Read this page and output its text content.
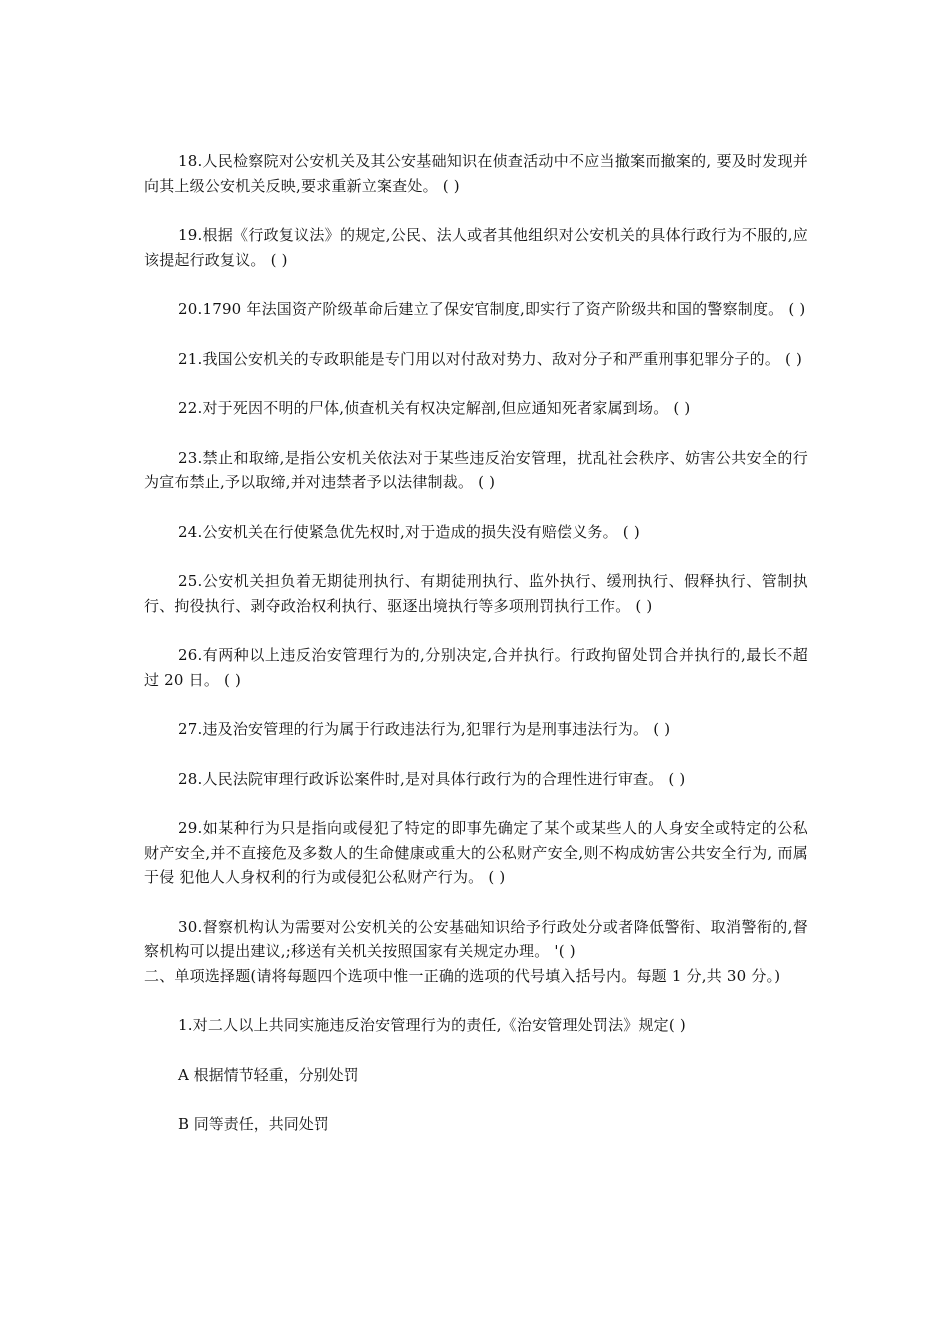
18.人民检察院对公安机关及其公安基础知识在侦查活动中不应当撤案而撤案的, 要及时发现并向其上级公安机关反映,要求重新立案查处。 ( )

19.根据《行政复议法》的规定,公民、法人或者其他组织对公安机关的具体行政行为不服的,应该提起行政复议。 ( )

20.1790 年法国资产阶级革命后建立了保安官制度,即实行了资产阶级共和国的警察制度。 ( )

21.我国公安机关的专政职能是专门用以对付敌对势力、敌对分子和严重刑事犯罪分子的。 ( )

22.对于死因不明的尸体,侦查机关有权决定解剖,但应通知死者家属到场。 ( )

23.禁止和取缔,是指公安机关依法对于某些违反治安管理，扰乱社会秩序、妨害公共安全的行为宣布禁止,予以取缔,并对违禁者予以法律制裁。 ( )

24.公安机关在行使紧急优先权时,对于造成的损失没有赔偿义务。 ( )

25.公安机关担负着无期徒刑执行、有期徒刑执行、监外执行、缓刑执行、假释执行、管制执行、拘役执行、剥夺政治权利执行、驱逐出境执行等多项刑罚执行工作。 ( )

26.有两种以上违反治安管理行为的,分别决定,合并执行。行政拘留处罚合并执行的,最长不超过 20 日。 ( )

27.违及治安管理的行为属于行政违法行为,犯罪行为是刑事违法行为。 ( )

28.人民法院审理行政诉讼案件时,是对具体行政行为的合理性进行审查。 ( )

29.如某种行为只是指向或侵犯了特定的即事先确定了某个或某些人的人身安全或特定的公私财产安全,并不直接危及多数人的生命健康或重大的公私财产安全,则不构成妨害公共安全行为, 而属于侵 犯他人人身权利的行为或侵犯公私财产行为。 ( )

30.督察机构认为需要对公安机关的公安基础知识给予行政处分或者降低警衔、取消警衔的,督察机构可以提出建议,;移送有关机关按照国家有关规定办理。 '( )

二、单项选择题(请将每题四个选项中惟一正确的选项的代号填入括号内。每题 1 分,共 30 分。)

1.对二人以上共同实施违反治安管理行为的责任,《治安管理处罚法》规定( )

A 根据情节轻重，分别处罚

B 同等责任，共同处罚
